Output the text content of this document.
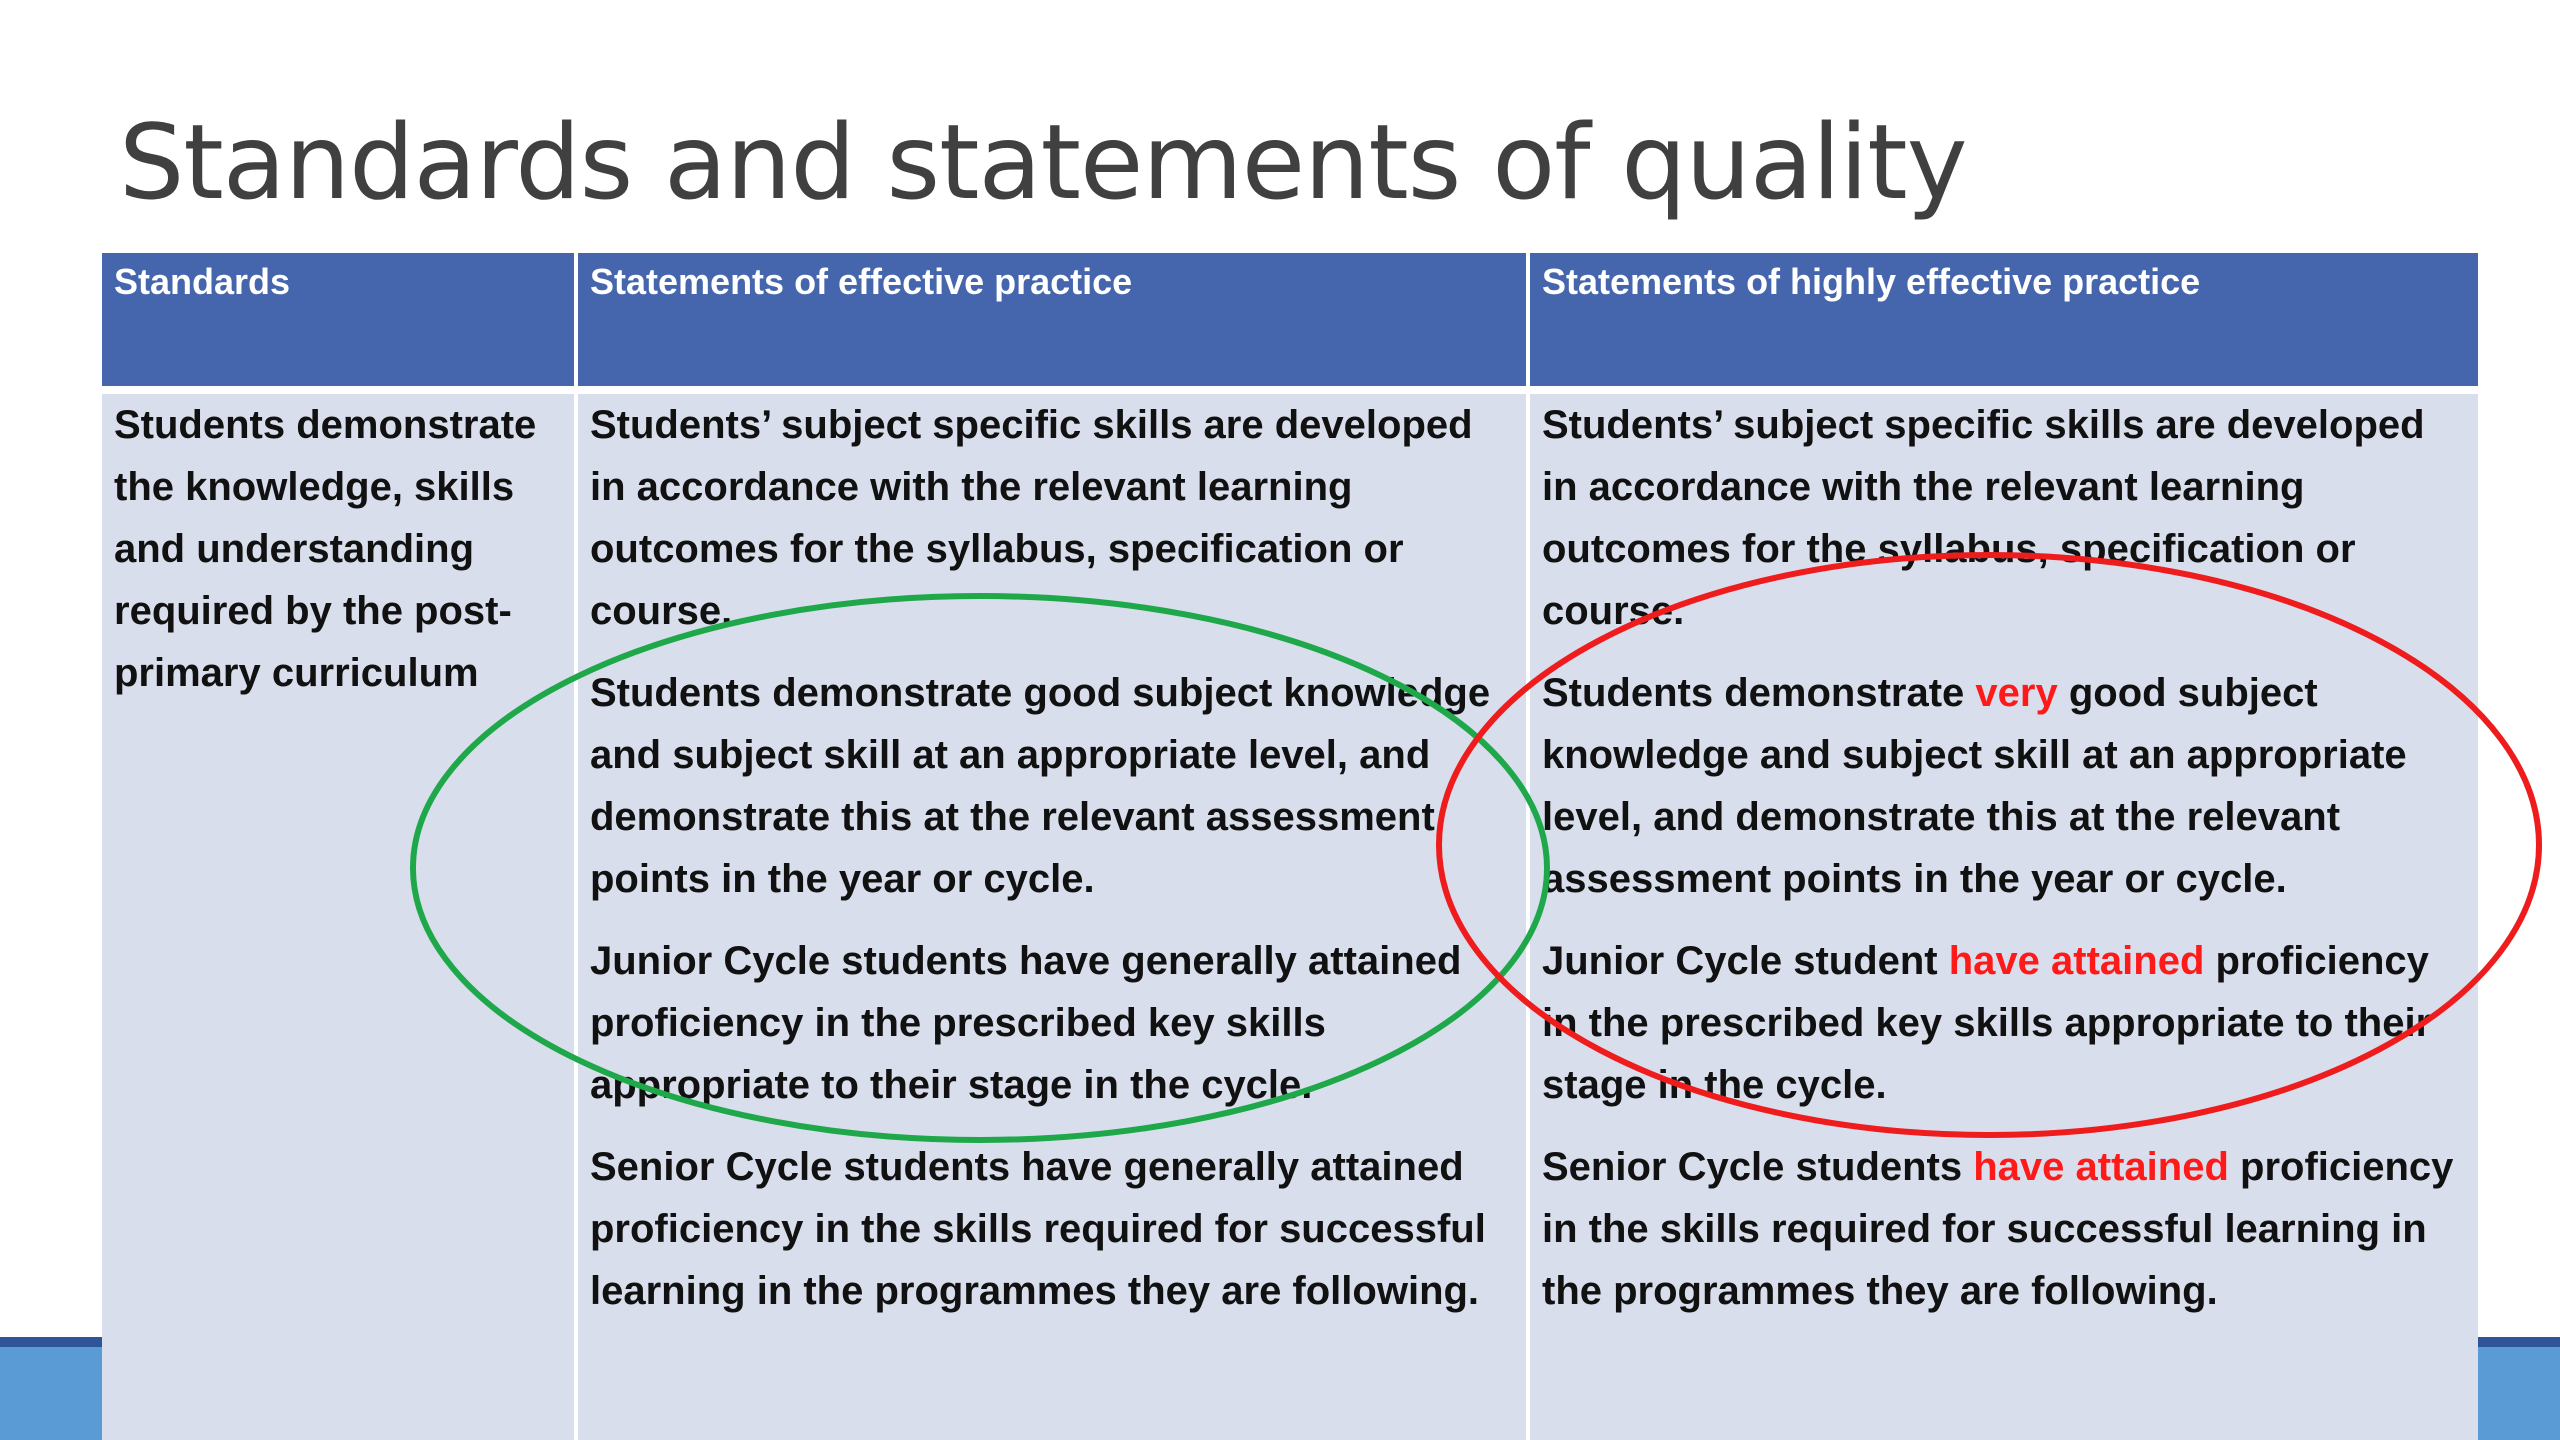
Standards and statements of quality
Standards	Statements of effective practice	Statements of highly effective practice

Students demonstrate the knowledge, skills and understanding required by the post-primary curriculum

Students’ subject specific skills are developed in accordance with the relevant learning outcomes for the syllabus, specification or course.

Students demonstrate good subject knowledge and subject skill at an appropriate level, and demonstrate this at the relevant assessment points in the year or cycle.

Junior Cycle students have generally attained proficiency in the prescribed key skills appropriate to their stage in the cycle.

Senior Cycle students have generally attained proficiency in the skills required for successful learning in the programmes they are following.

Students’ subject specific skills are developed in accordance with the relevant learning outcomes for the syllabus, specification or course.

Students demonstrate very good subject knowledge and subject skill at an appropriate level, and demonstrate this at the relevant assessment points in the year or cycle.

Junior Cycle student have attained proficiency in the prescribed key skills appropriate to their stage in the cycle.

Senior Cycle students have attained proficiency in the skills required for successful learning in the programmes they are following.
